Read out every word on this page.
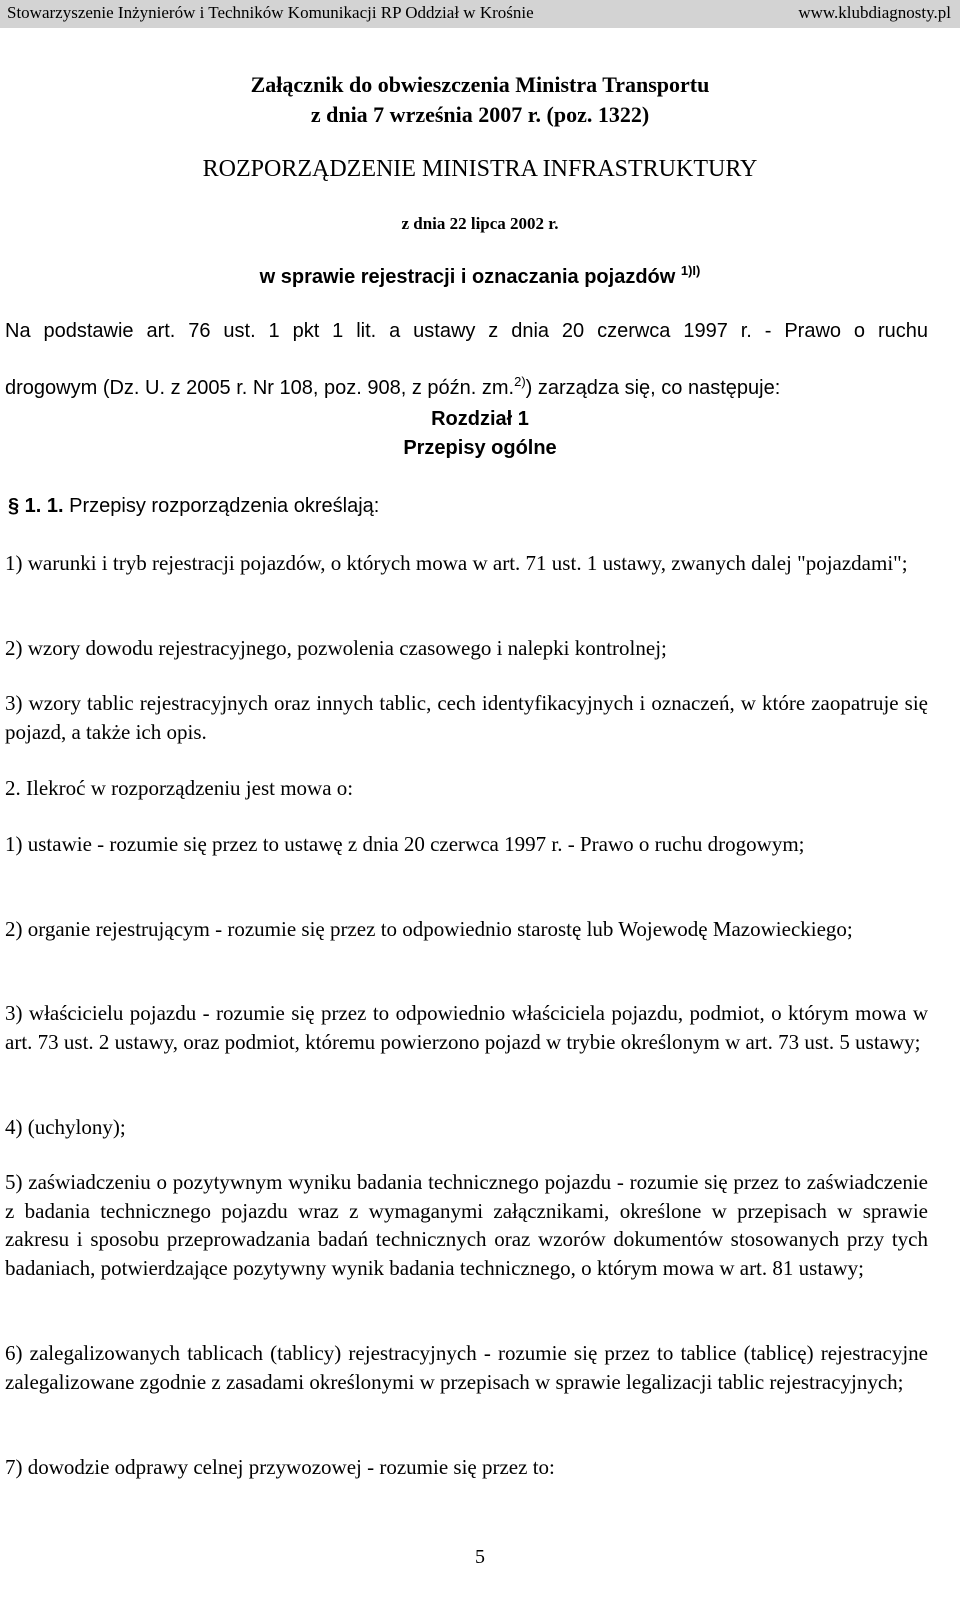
Stowarzyszenie Inżynierów i Techników Komunikacji RP Oddział w Krośnie	www.klubdiagnosty.pl
Załącznik do obwieszczenia Ministra Transportu
z dnia 7 września 2007 r. (poz. 1322)
ROZPORZĄDZENIE MINISTRA INFRASTRUKTURY
z dnia 22 lipca 2002 r.
w sprawie rejestracji i oznaczania pojazdów $^{1)I)}$
Na podstawie art. 76 ust. 1 pkt 1 lit. a ustawy z dnia 20 czerwca 1997 r. - Prawo o ruchu
drogowym (Dz. U. z 2005 r. Nr 108, poz. 908, z późn. zm.$^{2)}$) zarządza się, co następuje:
Rozdział 1
Przepisy ogólne
§ 1. 1. Przepisy rozporządzenia określają:
1) warunki i tryb rejestracji pojazdów, o których mowa w art. 71 ust. 1 ustawy, zwanych dalej "pojazdami";
2) wzory dowodu rejestracyjnego, pozwolenia czasowego i nalepki kontrolnej;
3) wzory tablic rejestracyjnych oraz innych tablic, cech identyfikacyjnych i oznaczeń, w które zaopatruje się pojazd, a także ich opis.
2. Ilekroć w rozporządzeniu jest mowa o:
1) ustawie - rozumie się przez to ustawę z dnia 20 czerwca 1997 r. - Prawo o ruchu drogowym;
2) organie rejestrującym - rozumie się przez to odpowiednio starostę lub Wojewodę Mazowieckiego;
3) właścicielu pojazdu - rozumie się przez to odpowiednio właściciela pojazdu, podmiot, o którym mowa w art. 73 ust. 2 ustawy, oraz podmiot, któremu powierzono pojazd w trybie określonym w art. 73 ust. 5 ustawy;
4) (uchylony);
5) zaświadczeniu o pozytywnym wyniku badania technicznego pojazdu - rozumie się przez to zaświadczenie z badania technicznego pojazdu wraz z wymaganymi załącznikami, określone w przepisach w sprawie zakresu i sposobu przeprowadzania badań technicznych oraz wzorów dokumentów stosowanych przy tych badaniach, potwierdzające pozytywny wynik badania technicznego, o którym mowa w art. 81 ustawy;
6) zalegalizowanych tablicach (tablicy) rejestracyjnych - rozumie się przez to tablice (tablicę) rejestracyjne zalegalizowane zgodnie z zasadami określonymi w przepisach w sprawie legalizacji tablic rejestracyjnych;
7) dowodzie odprawy celnej przywozowej - rozumie się przez to:
5
